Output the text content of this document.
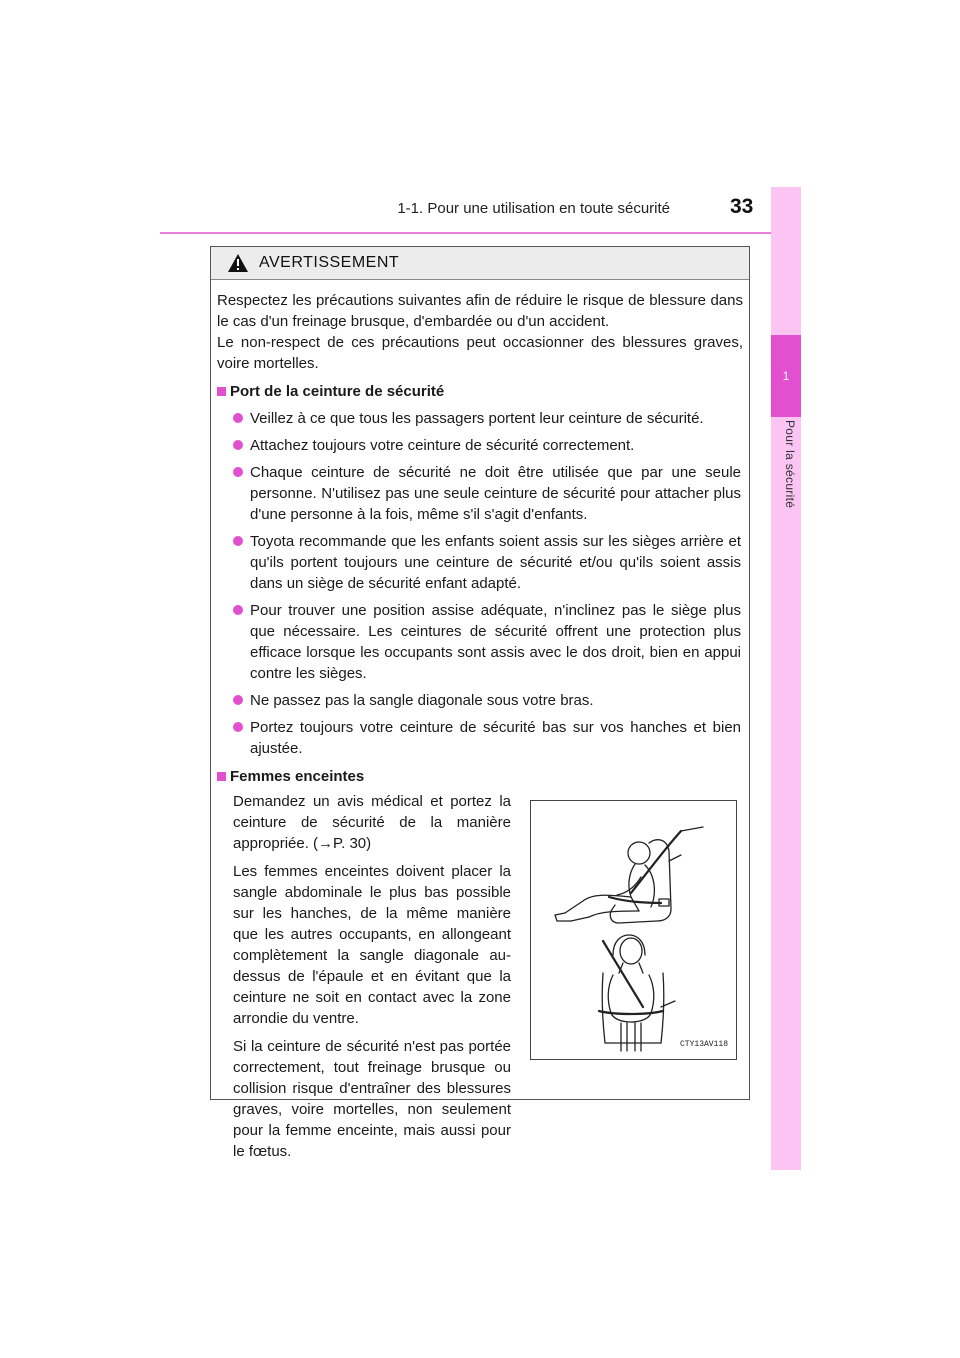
1-1. Pour une utilisation en toute sécurité	33
1
Pour la sécurité
AVERTISSEMENT

Respectez les précautions suivantes afin de réduire le risque de blessure dans le cas d'un freinage brusque, d'embardée ou d'un accident.

Le non-respect de ces précautions peut occasionner des blessures graves, voire mortelles.

Port de la ceinture de sécurité
Veillez à ce que tous les passagers portent leur ceinture de sécurité.
Attachez toujours votre ceinture de sécurité correctement.
Chaque ceinture de sécurité ne doit être utilisée que par une seule personne. N'utilisez pas une seule ceinture de sécurité pour attacher plus d'une personne à la fois, même s'il s'agit d'enfants.
Toyota recommande que les enfants soient assis sur les sièges arrière et qu'ils portent toujours une ceinture de sécurité et/ou qu'ils soient assis dans un siège de sécurité enfant adapté.
Pour trouver une position assise adéquate, n'inclinez pas le siège plus que nécessaire. Les ceintures de sécurité offrent une protection plus efficace lorsque les occupants sont assis avec le dos droit, bien en appui contre les sièges.
Ne passez pas la sangle diagonale sous votre bras.
Portez toujours votre ceinture de sécurité bas sur vos hanches et bien ajustée.
Femmes enceintes

Demandez un avis médical et portez la ceinture de sécurité de la manière appropriée. (→P. 30)

Les femmes enceintes doivent placer la sangle abdominale le plus bas possible sur les hanches, de la même manière que les autres occupants, en allongeant complètement la sangle diagonale au-dessus de l'épaule et en évitant que la ceinture ne soit en contact avec la zone arrondie du ventre.

Si la ceinture de sécurité n'est pas portée correctement, tout freinage brusque ou collision risque d'entraîner des blessures graves, voire mortelles, non seulement pour la femme enceinte, mais aussi pour le fœtus.

CTY13AV118
